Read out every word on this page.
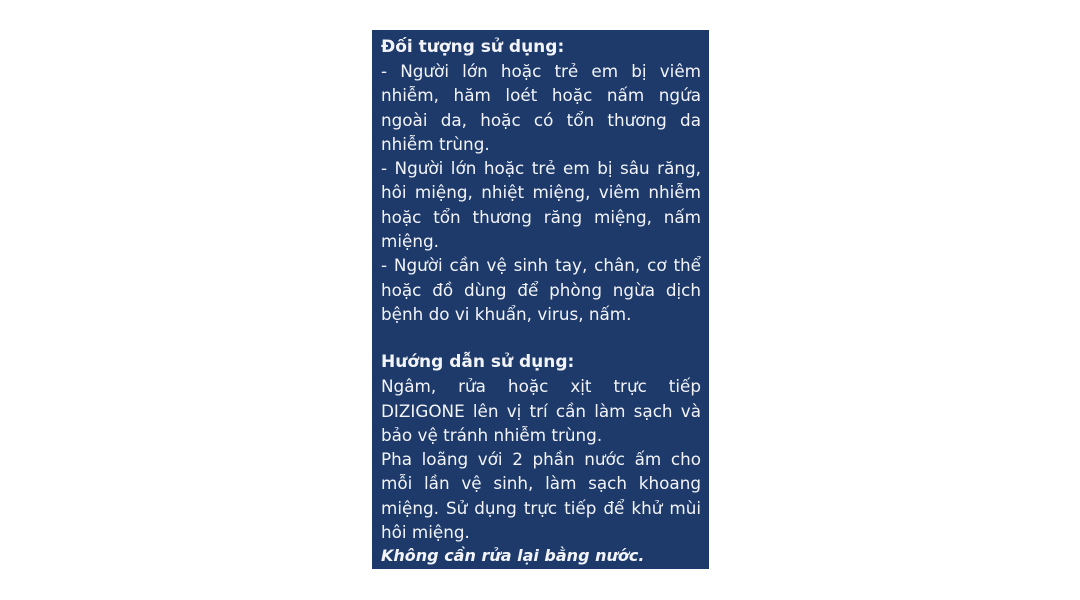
Đối tượng sử dụng:

- Người lớn hoặc trẻ em bị viêm nhiễm, hăm loét hoặc nấm ngứa ngoài da, hoặc có tổn thương da nhiễm trùng.

- Người lớn hoặc trẻ em bị sâu răng, hôi miệng, nhiệt miệng, viêm nhiễm hoặc tổn thương răng miệng, nấm miệng.

- Người cần vệ sinh tay, chân, cơ thể hoặc đồ dùng để phòng ngừa dịch bệnh do vi khuẩn, virus, nấm.

Hướng dẫn sử dụng:

Ngâm, rửa hoặc xịt trực tiếp DIZIGONE lên vị trí cần làm sạch và bảo vệ tránh nhiễm trùng.

Pha loãng với 2 phần nước ấm cho mỗi lần vệ sinh, làm sạch khoang miệng. Sử dụng trực tiếp để khử mùi hôi miệng.

Không cần rửa lại bằng nước.
